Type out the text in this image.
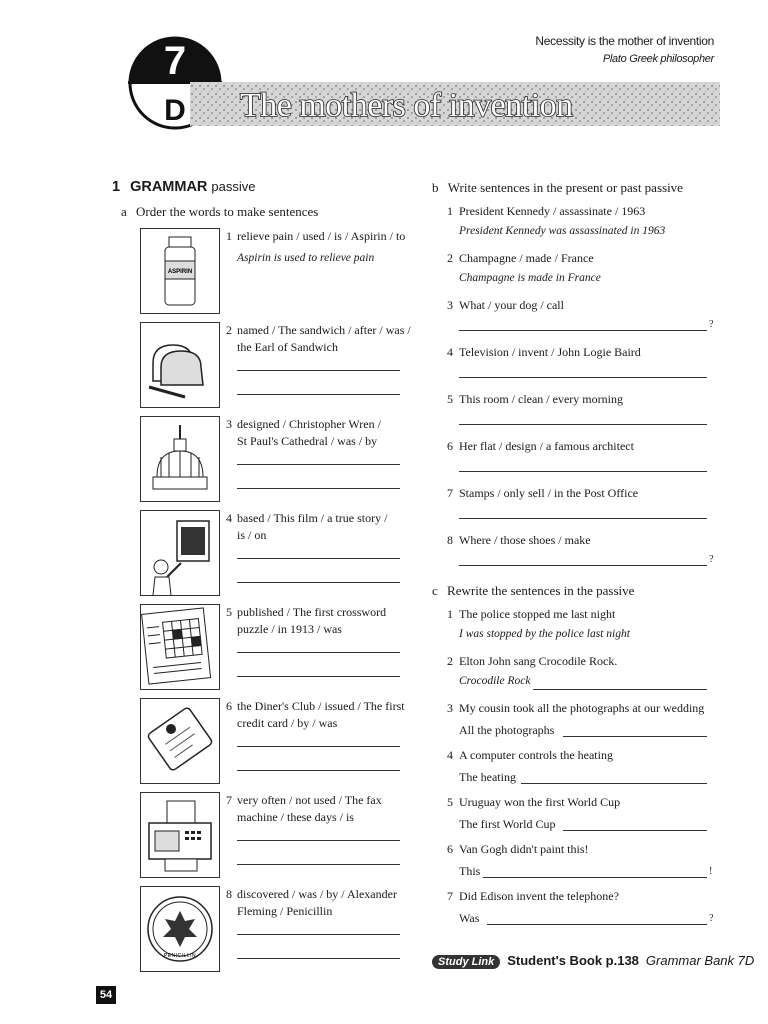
7
D
Necessity is the mother of invention
Plato Greek philosopher
The mothers of invention
1 GRAMMAR passive
a Order the words to make sentences
ASPIRIN
PENICILLIN
1 relieve pain / used / is / Aspirin / to

Aspirin is used to relieve pain
2 named / The sandwich / after / was /
the Earl of Sandwich
3 designed / Christopher Wren /
St Paul's Cathedral / was / by
4 based / This film / a true story /
is / on
5 published / The first crossword
puzzle / in 1913 / was
6 the Diner's Club / issued / The first
credit card / by / was
7 very often / not used / The fax
machine / these days / is
8 discovered / was / by / Alexander
Fleming / Penicillin
b Write sentences in the present or past passive
1 President Kennedy / assassinate / 1963
President Kennedy was assassinated in 1963
2 Champagne / made / France
Champagne is made in France
3 What / your dog / call
?
4 Television / invent / John Logie Baird
5 This room / clean / every morning
6 Her flat / design / a famous architect
7 Stamps / only sell / in the Post Office
8 Where / those shoes / make
?
c Rewrite the sentences in the passive
1 The police stopped me last night
I was stopped by the police last night
2 Elton John sang Crocodile Rock.
Crocodile Rock
3 My cousin took all the photographs at our wedding
All the photographs
4 A computer controls the heating
The heating
5 Uruguay won the first World Cup
The first World Cup
6 Van Gogh didn't paint this!
This	!
7 Did Edison invent the telephone?
Was	?
Study Link Student's Book p.138 Grammar Bank 7D
54
